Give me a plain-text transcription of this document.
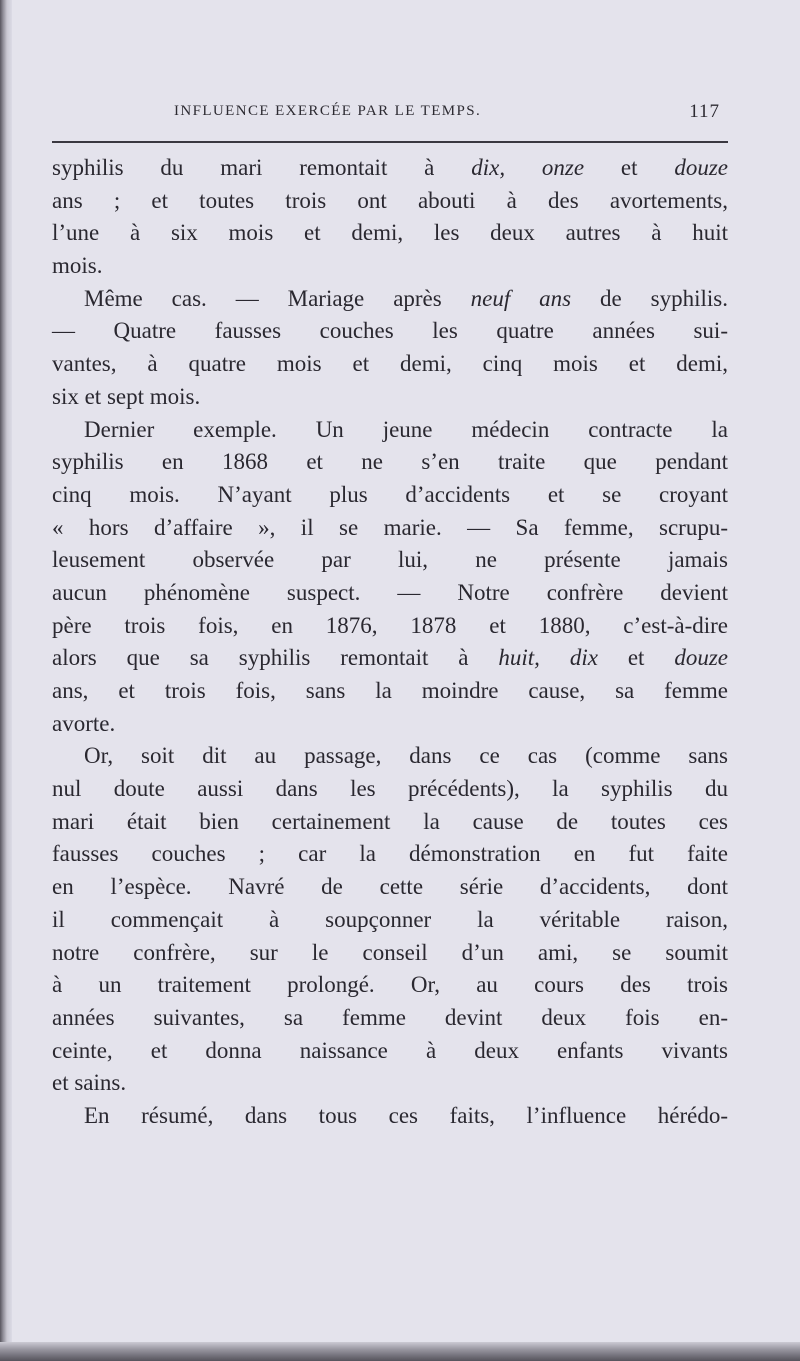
INFLUENCE EXERCÉE PAR LE TEMPS.	117
syphilis du mari remontait à dix, onze et douze
ans ; et toutes trois ont abouti à des avortements,
l’une à six mois et demi, les deux autres à huit
mois.
Même cas. — Mariage après neuf ans de syphilis.
— Quatre fausses couches les quatre années sui-
vantes, à quatre mois et demi, cinq mois et demi,
six et sept mois.
Dernier exemple. Un jeune médecin contracte la
syphilis en 1868 et ne s’en traite que pendant
cinq mois. N’ayant plus d’accidents et se croyant
« hors d’affaire », il se marie. — Sa femme, scrupu-
leusement observée par lui, ne présente jamais
aucun phénomène suspect. — Notre confrère devient
père trois fois, en 1876, 1878 et 1880, c’est-à-dire
alors que sa syphilis remontait à huit, dix et douze
ans, et trois fois, sans la moindre cause, sa femme
avorte.
Or, soit dit au passage, dans ce cas (comme sans
nul doute aussi dans les précédents), la syphilis du
mari était bien certainement la cause de toutes ces
fausses couches ; car la démonstration en fut faite
en l’espèce. Navré de cette série d’accidents, dont
il commençait à soupçonner la véritable raison,
notre confrère, sur le conseil d’un ami, se soumit
à un traitement prolongé. Or, au cours des trois
années suivantes, sa femme devint deux fois en-
ceinte, et donna naissance à deux enfants vivants
et sains.
En résumé, dans tous ces faits, l’influence hérédo-
